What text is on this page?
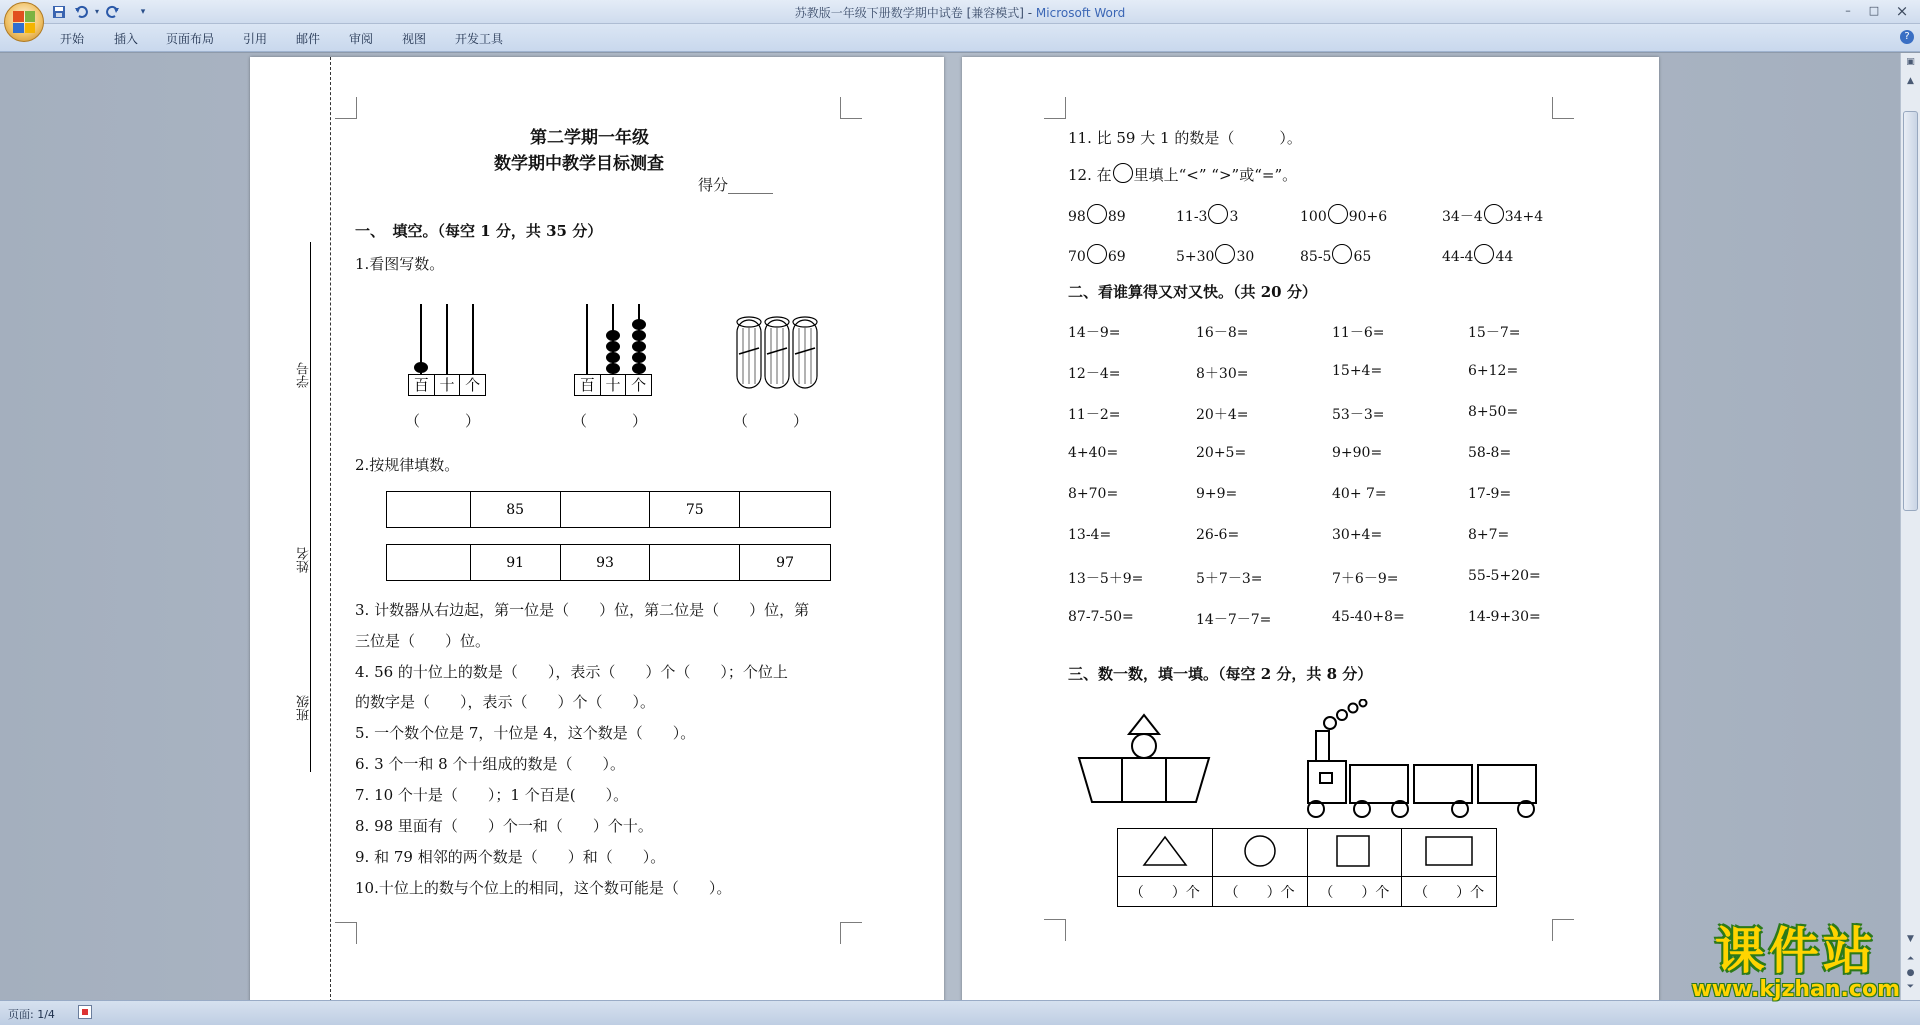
▾	▾	苏教版一年级下册数学期中试卷 [兼容模式] - Microsoft Word	–	□	×
开始 插入 页面布局 引用 邮件 审阅 视图 开发工具	?
学号
姓名
班级
第二学期一年级
数学期中教学目标测查
得分______
一、　填空。（每空 1 分，共 35 分）
1.看图写数。
百 十 个	百 十 个
（　　　）	（　　　）	（　　　）
2.按规律填数。
	85		75	
	91	93		97
3. 计数器从右边起，第一位是（　　）位，第二位是（　　）位，第
三位是（　　）位。
4. 56 的十位上的数是（　　），表示（　　）个（　　）；个位上
的数字是（　　），表示（　　）个（　　）。
5. 一个数个位是 7，十位是 4，这个数是（　　）。
6. 3 个一和 8 个十组成的数是（　　）。
7. 10 个十是（　　）；1 个百是(　　）。
8. 98 里面有（　　）个一和（　　）个十。
9. 和 79 相邻的两个数是（　　）和（　　）。
10.十位上的数与个位上的相同，这个数可能是（　　）。
11. 比 59 大 1 的数是（　　　）。
12. 在 里填上“<” “>”或“=”。
98 89	11-3 3	100 90+6	34－4 34+4
70 69	5+30 30	85-5 65	44-4 44
二、看谁算得又对又快。（共 20 分）
14－9=	16－8=	11－6=	15－7=
12－4=	8＋30=	15+4=	6+12=
11－2=	20＋4=	53－3=	8+50=
4+40=	20+5=	9+90=	58-8=
8+70=	9+9=	40+ 7=	17-9=
13-4=	26-6=	30+4=	8+7=
13－5＋9=	5＋7－3=	7＋6－9=	55-5+20=
87-7-50=	14－7－7=	45-40+8=	14-9+30=
三、数一数，填一填。（每空 2 分，共 8 分）

（　　）个	（　　）个	（　　）个	（　　）个
▣
▲
▼
⏶
●
⏷
页面: 1/4
课件站
www.kjzhan.com
